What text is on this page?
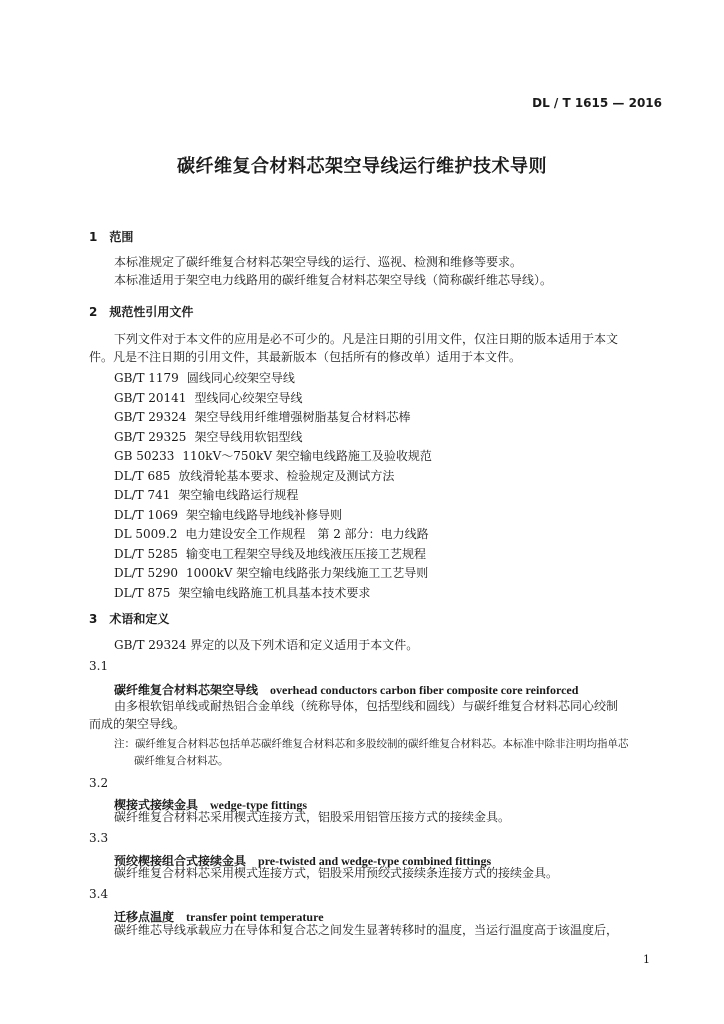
DL / T 1615 — 2016
碳纤维复合材料芯架空导线运行维护技术导则
1　范围
本标准规定了碳纤维复合材料芯架空导线的运行、巡视、检测和维修等要求。
本标准适用于架空电力线路用的碳纤维复合材料芯架空导线（简称碳纤维芯导线）。
2　规范性引用文件
下列文件对于本文件的应用是必不可少的。凡是注日期的引用文件，仅注日期的版本适用于本文
件。凡是不注日期的引用文件，其最新版本（包括所有的修改单）适用于本文件。
GB/T 1179 圆线同心绞架空导线
GB/T 20141 型线同心绞架空导线
GB/T 29324 架空导线用纤维增强树脂基复合材料芯棒
GB/T 29325 架空导线用软铝型线
GB 50233 110kV～750kV 架空输电线路施工及验收规范
DL/T 685 放线滑轮基本要求、检验规定及测试方法
DL/T 741 架空输电线路运行规程
DL/T 1069 架空输电线路导地线补修导则
DL 5009.2 电力建设安全工作规程　第 2 部分：电力线路
DL/T 5285 输变电工程架空导线及地线液压压接工艺规程
DL/T 5290 1000kV 架空输电线路张力架线施工工艺导则
DL/T 875 架空输电线路施工机具基本技术要求
3　术语和定义
GB/T 29324 界定的以及下列术语和定义适用于本文件。
3.1
碳纤维复合材料芯架空导线 overhead conductors carbon fiber composite core reinforced
由多根软铝单线或耐热铝合金单线（统称导体，包括型线和圆线）与碳纤维复合材料芯同心绞制
而成的架空导线。
注：碳纤维复合材料芯包括单芯碳纤维复合材料芯和多股绞制的碳纤维复合材料芯。本标准中除非注明均指单芯
碳纤维复合材料芯。
3.2
楔接式接续金具 wedge-type fittings
碳纤维复合材料芯采用楔式连接方式，铝股采用铝管压接方式的接续金具。
3.3
预绞楔接组合式接续金具 pre-twisted and wedge-type combined fittings
碳纤维复合材料芯采用楔式连接方式，铝股采用预绞式接续条连接方式的接续金具。
3.4
迁移点温度 transfer point temperature
碳纤维芯导线承载应力在导体和复合芯之间发生显著转移时的温度，当运行温度高于该温度后，
1
